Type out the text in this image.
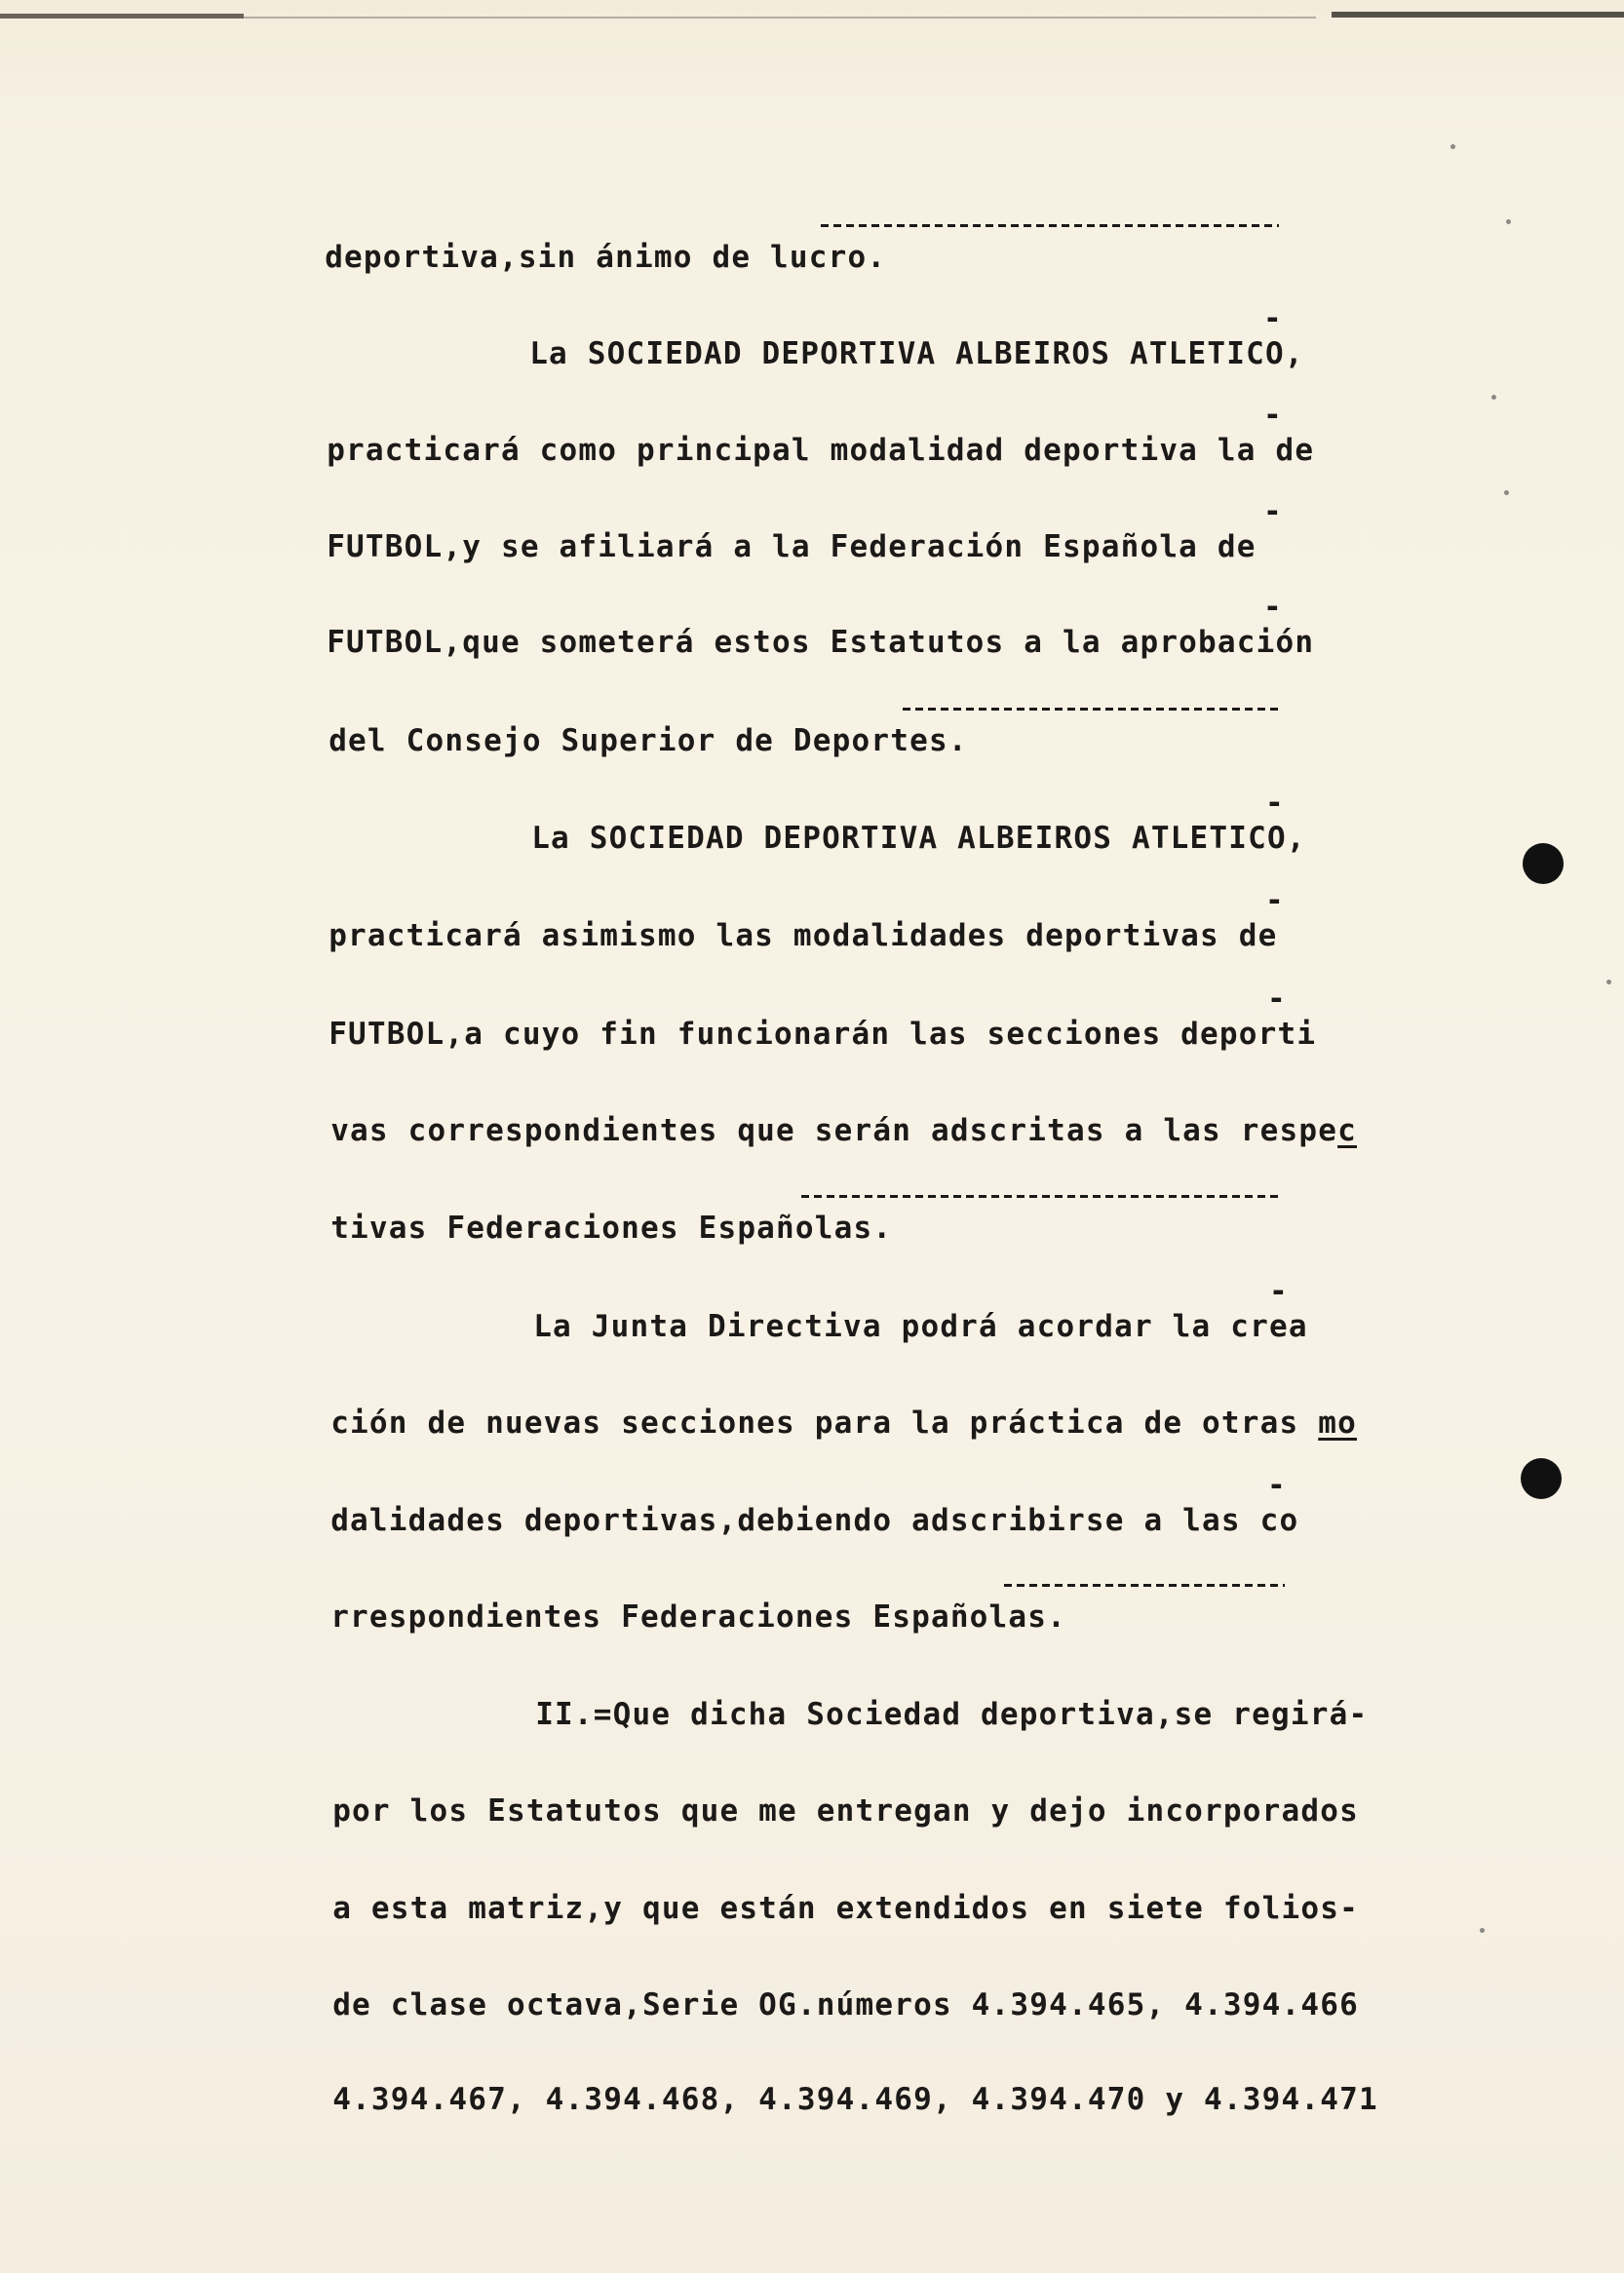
deportiva,sin ánimo de lucro.

La SOCIEDAD DEPORTIVA ALBEIROS ATLETICO,

-

practicará como principal modalidad deportiva la de

-

FUTBOL,y se afiliará a la Federación Española de

-

FUTBOL,que someterá estos Estatutos a la aprobación

-

del Consejo Superior de Deportes.

La SOCIEDAD DEPORTIVA ALBEIROS ATLETICO,

-

practicará asimismo las modalidades deportivas de

-

FUTBOL,a cuyo fin funcionarán las secciones deporti

-

vas correspondientes que serán adscritas a las respec

tivas Federaciones Españolas.

La Junta Directiva podrá acordar la crea

-

ción de nuevas secciones para la práctica de otras mo

dalidades deportivas,debiendo adscribirse a las co

-

rrespondientes Federaciones Españolas.

II.=Que dicha Sociedad deportiva,se regirá-

por los Estatutos que me entregan y dejo incorporados

a esta matriz,y que están extendidos en siete folios-

de clase octava,Serie OG.números 4.394.465, 4.394.466

4.394.467, 4.394.468, 4.394.469, 4.394.470 y 4.394.471
